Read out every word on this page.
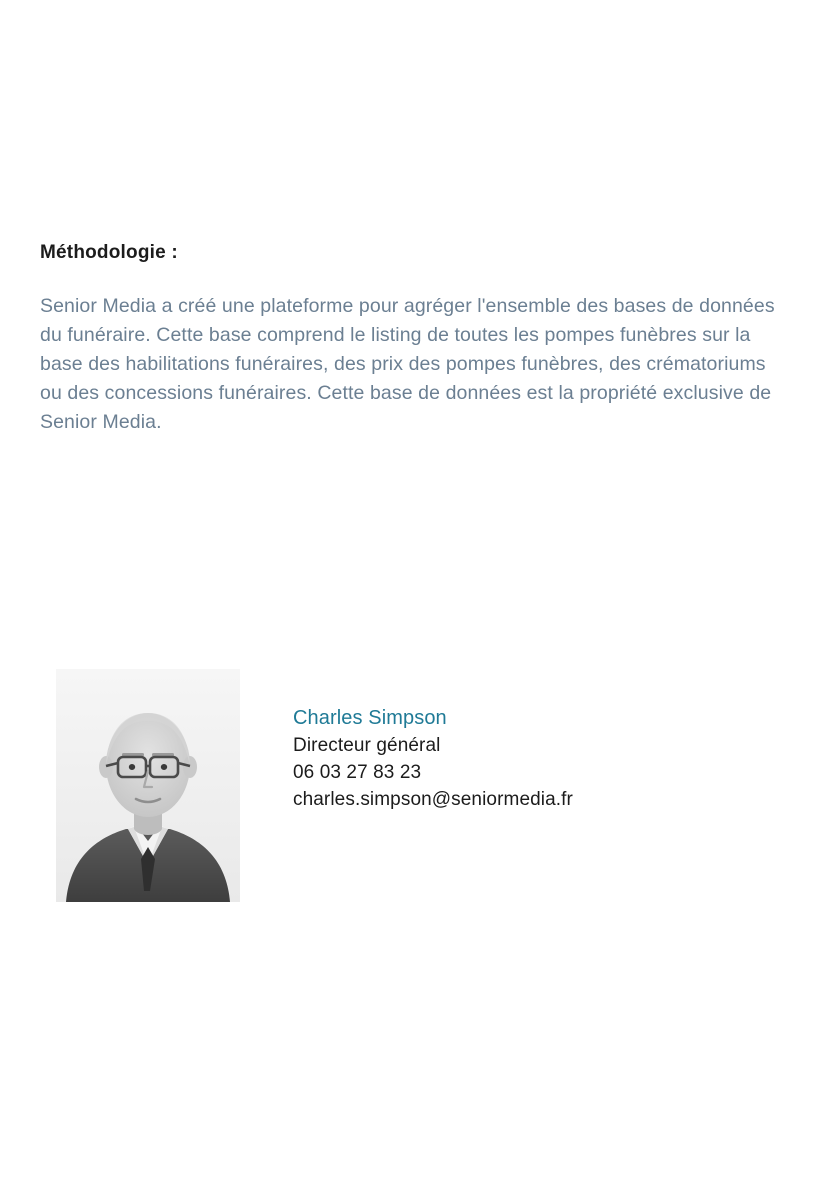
Méthodologie :
Senior Media a créé une plateforme pour agréger l'ensemble des bases de données du funéraire. Cette base comprend le listing de toutes les pompes funèbres sur la base des habilitations funéraires, des prix des pompes funèbres, des crématoriums ou des concessions funéraires. Cette base de données est la propriété exclusive de Senior Media.
Charles Simpson
Directeur général
06 03 27 83 23
charles.simpson@seniormedia.fr
